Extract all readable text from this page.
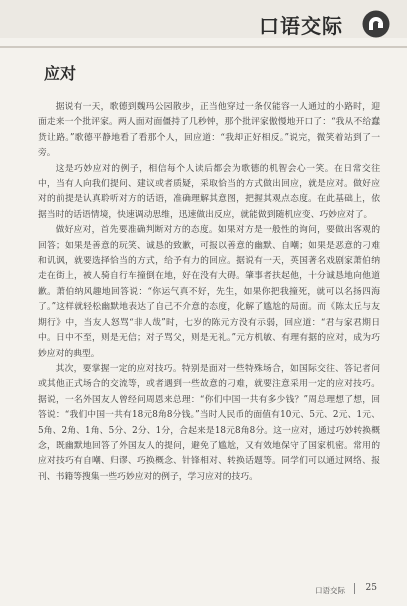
口语交际
应对

据说有一天，歌德到魏玛公园散步，正当他穿过一条仅能容一人通过的小路时，迎面走来一个批评家。两人面对面僵持了几秒钟，那个批评家傲慢地开口了：“我从不给蠢货让路。”歌德平静地看了看那个人，回应道：“我却正好相反。”说完，微笑着站到了一旁。

这是巧妙应对的例子，相信每个人读后都会为歌德的机智会心一笑。在日常交往中，当有人向我们提问、建议或者质疑，采取恰当的方式做出回应，就是应对。做好应对的前提是认真聆听对方的话语，准确理解其意图，把握其观点态度。在此基础上，依据当时的话语情境，快速调动思维，迅速做出反应，就能做到随机应变、巧妙应对了。

做好应对，首先要准确判断对方的态度。如果对方是一般性的询问，要做出客观的回答；如果是善意的玩笑、诚恳的致歉，可报以善意的幽默、自嘲；如果是恶意的刁难和讥讽，就要选择恰当的方式，给予有力的回应。据说有一天，英国著名戏剧家萧伯纳走在街上，被人骑自行车撞倒在地，好在没有大碍。肇事者扶起他，十分诚恳地向他道歉。萧伯纳风趣地回答说：“你运气真不好，先生，如果你把我撞死，就可以名扬四海了。”这样就轻松幽默地表达了自己不介意的态度，化解了尴尬的局面。而《陈太丘与友期行》中，当友人怒骂“非人哉”时，七岁的陈元方没有示弱，回应道：“君与家君期日中。日中不至，则是无信；对子骂父，则是无礼。”元方机敏、有理有据的应对，成为巧妙应对的典型。

其次，要掌握一定的应对技巧。特别是面对一些特殊场合，如国际交往、答记者问或其他正式场合的交流等，或者遇到一些故意的刁难，就要注意采用一定的应对技巧。据说，一名外国友人曾经问周恩来总理：“你们中国一共有多少钱？”周总理想了想，回答说：“我们中国一共有18元8角8分钱。”当时人民币的面值有10元、5元、2元、1元、5角、2角、1角、5分、2分、1分，合起来是18元8角8分。这一应对，通过巧妙转换概念，既幽默地回答了外国友人的提问，避免了尴尬，又有效地保守了国家机密。常用的应对技巧有自嘲、归谬、巧换概念、针锋相对、转换话题等。同学们可以通过网络、报刊、书籍等搜集一些巧妙应对的例子，学习应对的技巧。

口语交际 25
